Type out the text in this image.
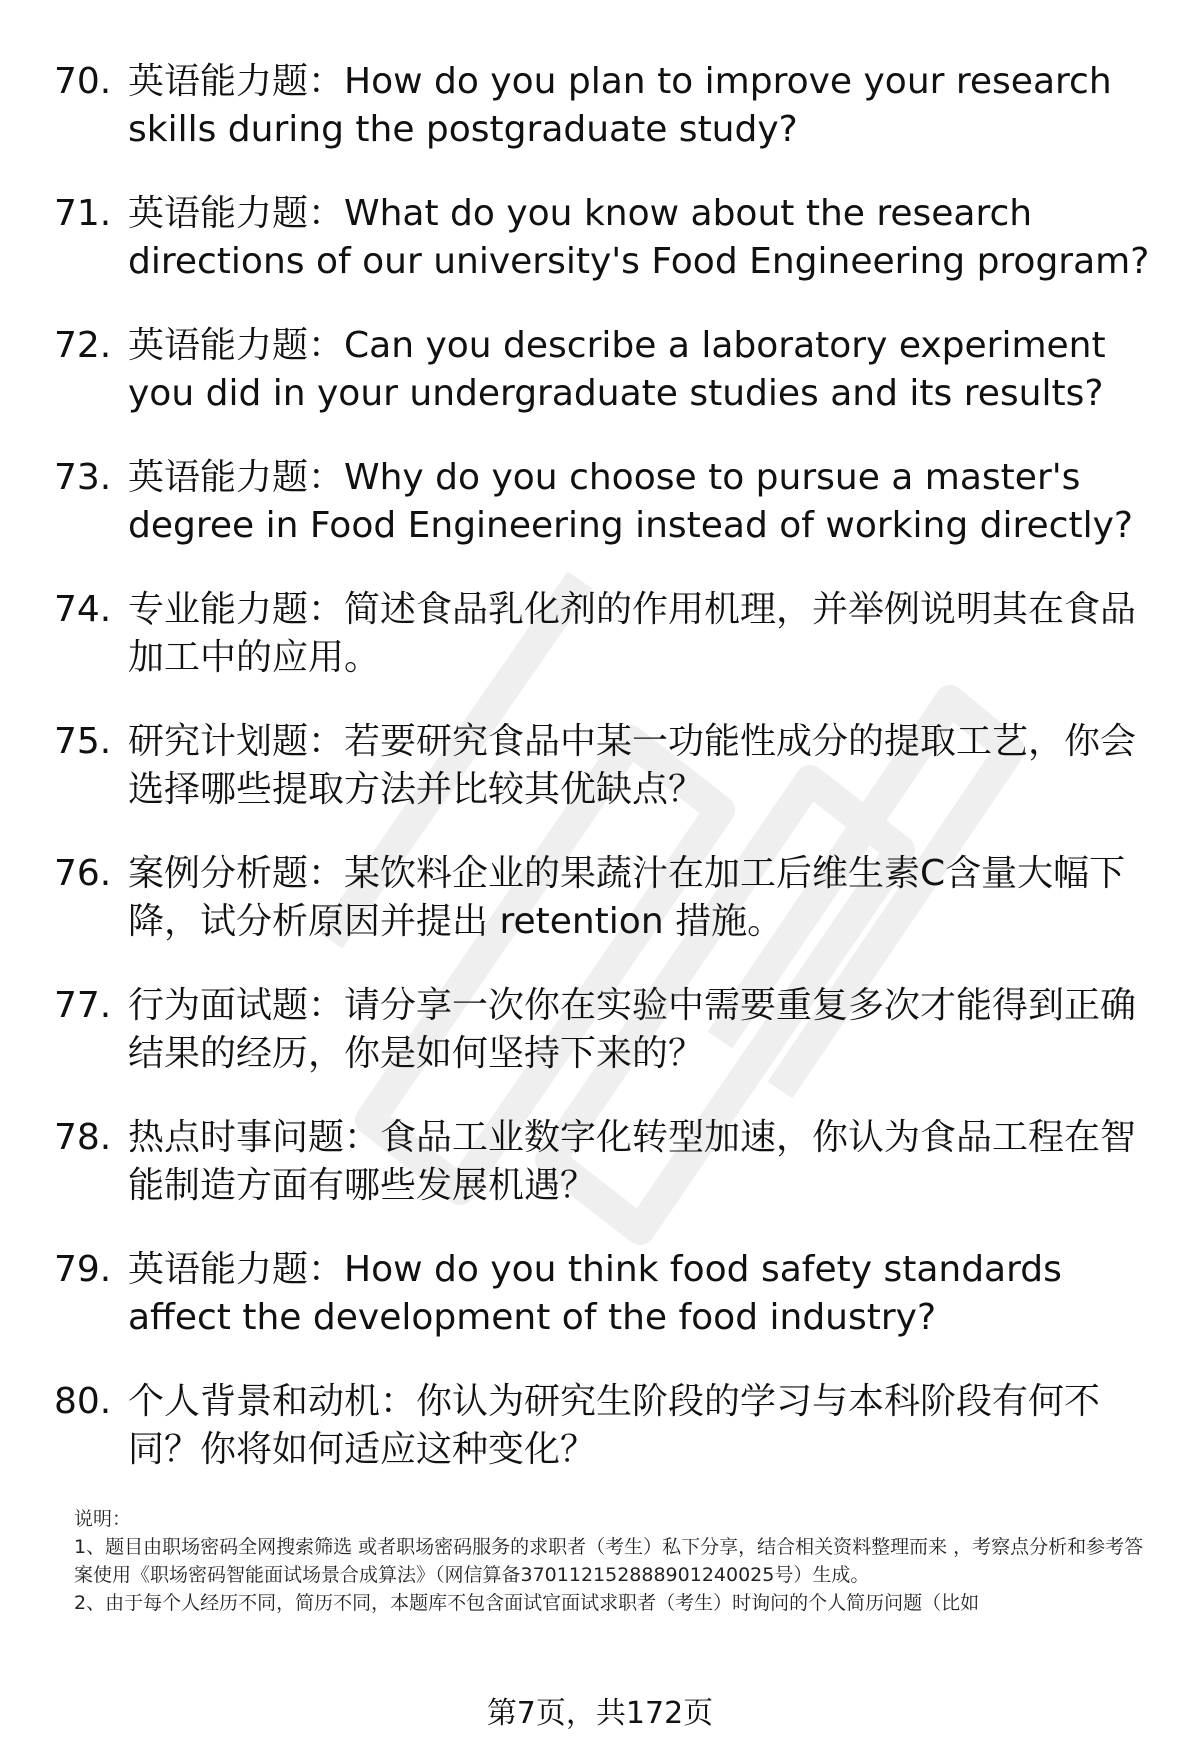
70. 英语能力题：How do you plan to improve your research skills during the postgraduate study?
71. 英语能力题：What do you know about the research directions of our university's Food Engineering program?
72. 英语能力题：Can you describe a laboratory experiment you did in your undergraduate studies and its results?
73. 英语能力题：Why do you choose to pursue a master's degree in Food Engineering instead of working directly?
74. 专业能力题：简述食品乳化剂的作用机理，并举例说明其在食品加工中的应用。
75. 研究计划题：若要研究食品中某一功能性成分的提取工艺，你会选择哪些提取方法并比较其优缺点？
76. 案例分析题：某饮料企业的果蔬汁在加工后维生素C含量大幅下降，试分析原因并提出 retention 措施。
77. 行为面试题：请分享一次你在实验中需要重复多次才能得到正确结果的经历，你是如何坚持下来的？
78. 热点时事问题：食品工业数字化转型加速，你认为食品工程在智能制造方面有哪些发展机遇？
79. 英语能力题：How do you think food safety standards affect the development of the food industry?
80. 个人背景和动机：你认为研究生阶段的学习与本科阶段有何不同？你将如何适应这种变化？

说明：

1、题目由职场密码全网搜索筛选 或者职场密码服务的求职者（考生）私下分享，结合相关资料整理而来 ，考察点分析和参考答案使用《职场密码智能面试场景合成算法》（网信算备370112152888901240025号）生成。

2、由于每个人经历不同，简历不同，本题库不包含面试官面试求职者（考生）时询问的个人简历问题（比如

第7页，共172页
